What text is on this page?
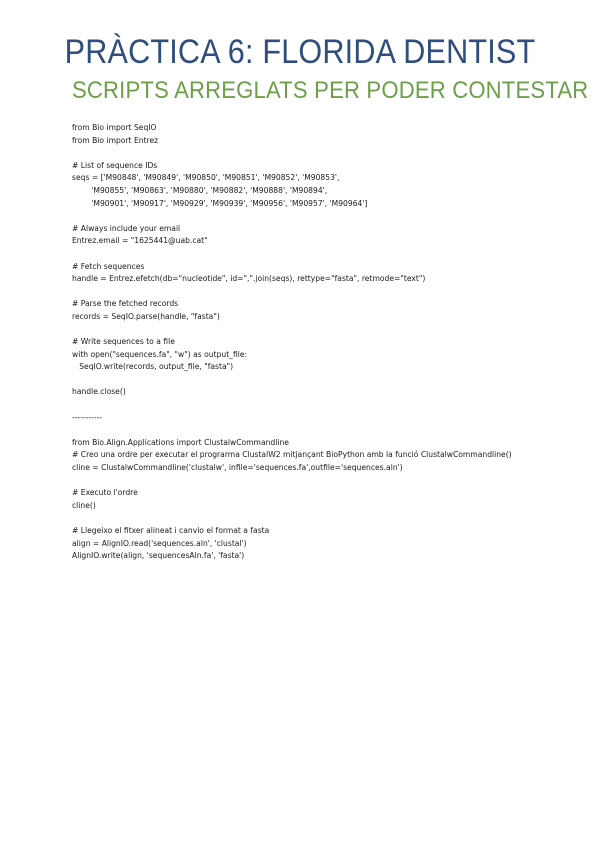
PRÀCTICA 6: FLORIDA DENTIST
SCRIPTS ARREGLATS PER PODER CONTESTAR
from Bio import SeqIO
from Bio import Entrez
# List of sequence IDs
seqs = ['M90848', 'M90849', 'M90850', 'M90851', 'M90852', 'M90853',
'M90855', 'M90863', 'M90880', 'M90882', 'M90888', 'M90894',
'M90901', 'M90917', 'M90929', 'M90939', 'M90956', 'M90957', 'M90964']
# Always include your email
Entrez.email = "1625441@uab.cat"
# Fetch sequences
handle = Entrez.efetch(db="nucleotide", id=",".join(seqs), rettype="fasta", retmode="text")
# Parse the fetched records
records = SeqIO.parse(handle, "fasta")
# Write sequences to a file
with open("sequences.fa", "w") as output_file:
SeqIO.write(records, output_file, "fasta")
handle.close()
-----------
from Bio.Align.Applications import ClustalwCommandline
# Creo una ordre per executar el prograrma ClustalW2 mitjançant BioPython amb la funció ClustalwCommandline()
cline = ClustalwCommandline('clustalw', infile='sequences.fa',outfile='sequences.aln')
# Executo l'ordre
cline()
# Llegeixo el fitxer alineat i canvio el format a fasta
align = AlignIO.read('sequences.aln', 'clustal')
AlignIO.write(align, 'sequencesAln.fa', 'fasta')
